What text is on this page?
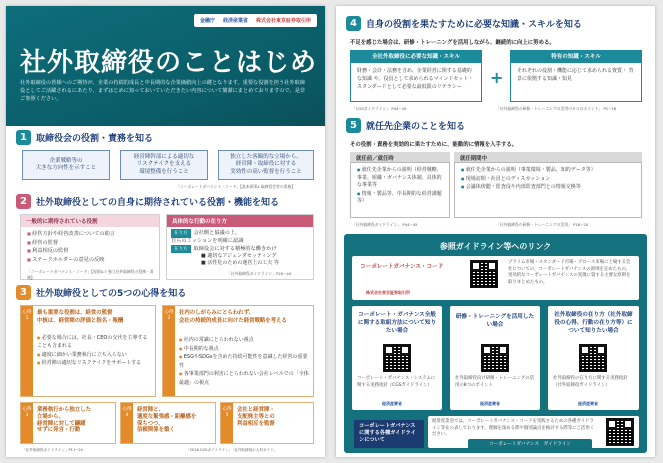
金融庁 経済産業省 株式会社東京証券取引所
社外取締役のことはじめ
社外取締役の皆様へのご期待が、企業の持続的成長と中長期的な企業価値向上の鍵となります。重要な役割を担う社外取締役としてご活躍されるにあたり、まずはじめに知っておいていただきたい内容について簡潔にまとめておりますので、是非ご参照ください。
1	取締役会の役割・責務を知る
企業戦略等の
大きな方向性を示すこと
経営陣幹部による適切な
リスクテイクを支える
環境整備を行うこと
独立した客観的な立場から、
経営陣・取締役に対する
実効性の高い監督を行うこと
「コーポレートガバナンス・コード」【基本原則4 取締役会等の責務】
2	社外取締役としての自身に期待されている役割・機能を知る
一般的に期待されている役割
■ 経営方針や経営改善についての助言
■ 経営の監督
■ 利益相反の監督
■ ステークホルダーの意見の反映
「コーポレートガバナンス・コード」【原則4-7 独立社外取締役の役割・責務】
具体的な行動の在り方
在り方 会社側と協議の上、
自らのミッションを明確に認識
在り方 取締役会に対する積極的な働きかけ
■ 適切なアジェンダセッティング
■ 活性化のための運営上の工夫 等
「社外取締役ガイドライン」P20~40
3	社外取締役としての5つの心得を知る
心得 1
最も重要な役割は、経営の監督
中核は、経営陣の評価と指名・報酬
● 必要な場合には、社長・CEOの交代を主導することも含まれる
● 適度に細かい業務執行に立ち入らない
● 経営陣の適切なリスクテイクをサポートする
心得 2
社内のしがらみにとらわれず、
会社の持続的成長に向けた経営戦略を考える
● 社内の常識にとらわれない視点
● 中長期的な視点
● ESGやSDGsを含めた持続可能性を意識した経営の重要性
● 各事業部門の利害にとらわれない会社レベルでの「全体最適」の視点
心得 3
業務執行から独立した
立場から、
経営陣に対して躊躇
せずに発言・行動
心得 4
経営陣と、
適度な緊張感・距離感を
保ちつつ、
信頼関係を築く
心得 5
会社と経営陣・
支配株主等との
利益相反を監督
「社外取締役ガイドライン」P11~24	「2018 CGSガイドライン」「社外取締役の人材ガイド」
4	自身の役割を果たすために必要な知識・スキルを知る
不足を感じた場合は、研修・トレーニングを活用しながら、継続的に向上に努める。
全社外取締役に必要な知識・スキル
財務・会計・法務を含め、企業経営に関する基礎的な知識 や、役員として求められるマインドセット・スタンダードとして必要な最低限のリテラシー	+
特有の知識・スキル
それぞれの役割・機能に応じて求められる資質・ 背景に依拠する知識・知見
「CGSガイドライン」 P44~45	「社外取締役の研修・トレーニングの活用の８つのポイント」 P1~16
5	就任先企業のことを知る
その役割・責務を実効的に果たすために、能動的に情報を入手する。
就任前／就任時
● 就任先企業からの説明（経営戦略、事業、組織・ガバナンス体制、具体的な事業等
● 情報・製品等、中長期的な経営課題等）
就任期間中
● 就任先企業からの説明（事業環境・製品、知的データ等）
● 現場訪問・社員とのディスカッション
● 会議体傍聴・監査役や内部監査部門との情報交換等
「社外取締役ガイドライン」 P44~45	「社外取締役の研修・トレーニングの活用」 P16~20
参照ガイドライン等へのリンク
コーポレートガバナンス・コード
プライム市場・スタンダード市場・グロース市場に上場する会社についての、コーポレートガバナンスの原則を定めたもの。実効的なコーポレートガバナンスの実現に資する主要な原則を取りまとめたもの。
株式会社東京証券取引所
コーポレート・ガバナンス全般に関する取組方法について知りたい場合
コーポレート・ガバナンス・システムに関する実務指針（CGSガイドライン）
経済産業省
研修・トレーニングを活用したい場合
社外取締役向け研修・トレーニングの活用の8つのポイント
経済産業省
社外取締役の在り方（社外取締役の心得、行動の在り方等）について知りたい場合
社外取締役の在り方に関する実務指針（社外取締役ガイドライン）
経済産業省
コーポレートガバナンスに関する各種ガイドラインについて
経済産業省では、コーポレートガバナンス・コードを実践するための各種ガイドライン等を公表しております。理解を深める際や個別論点を検討する際等にご活用ください。
コーポレートガバナンス　ガイドライン
